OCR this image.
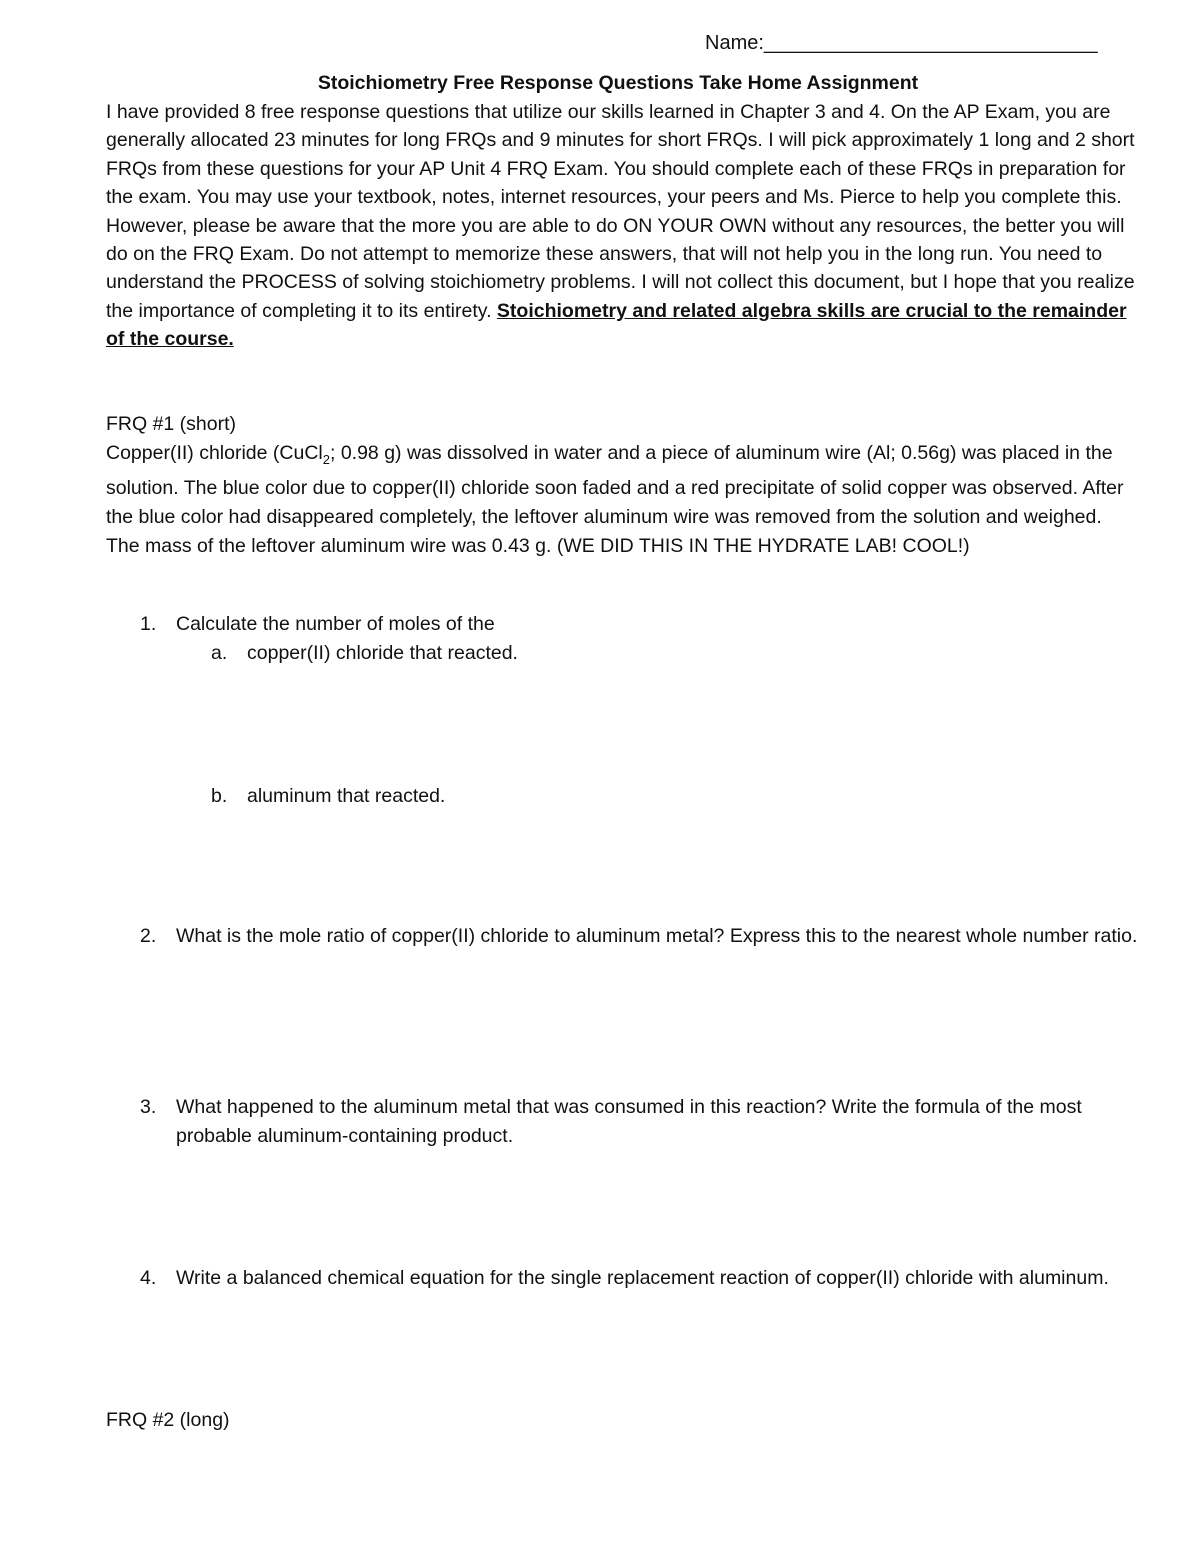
Name:______________________________
Stoichiometry Free Response Questions Take Home Assignment
I have provided 8 free response questions that utilize our skills learned in Chapter 3 and 4. On the AP Exam, you are generally allocated 23 minutes for long FRQs and 9 minutes for short FRQs. I will pick approximately 1 long and 2 short FRQs from these questions for your AP Unit 4 FRQ Exam. You should complete each of these FRQs in preparation for the exam. You may use your textbook, notes, internet resources, your peers and Ms. Pierce to help you complete this. However, please be aware that the more you are able to do ON YOUR OWN without any resources, the better you will do on the FRQ Exam. Do not attempt to memorize these answers, that will not help you in the long run. You need to understand the PROCESS of solving stoichiometry problems. I will not collect this document, but I hope that you realize the importance of completing it to its entirety. Stoichiometry and related algebra skills are crucial to the remainder of the course.
FRQ #1 (short)
Copper(II) chloride (CuCl$_2$; 0.98 g) was dissolved in water and a piece of aluminum wire (Al; 0.56g) was placed in the solution. The blue color due to copper(II) chloride soon faded and a red precipitate of solid copper was observed. After the blue color had disappeared completely, the leftover aluminum wire was removed from the solution and weighed. The mass of the leftover aluminum wire was 0.43 g. (WE DID THIS IN THE HYDRATE LAB! COOL!)
1.	Calculate the number of moles of the
a. copper(II) chloride that reacted.
b. aluminum that reacted.
2.	What is the mole ratio of copper(II) chloride to aluminum metal? Express this to the nearest whole number ratio.
3.	What happened to the aluminum metal that was consumed in this reaction? Write the formula of the most probable aluminum-containing product.
4.	Write a balanced chemical equation for the single replacement reaction of copper(II) chloride with aluminum.
FRQ #2 (long)
